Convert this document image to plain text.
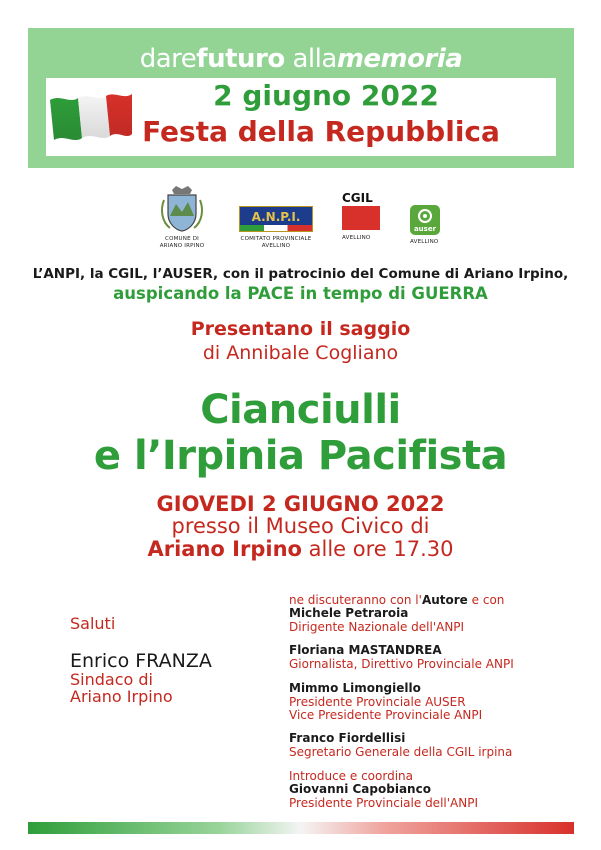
darefuturo allamemoria
2 giugno 2022
Festa della Repubblica
COMUNE DI
ARIANO IRPINO
A.N.P.I.
COMITATO PROVINCIALE
AVELLINO
CGIL
AVELLINO
auser
AVELLINO
L’ANPI, la CGIL, l’AUSER, con il patrocinio del Comune di Ariano Irpino,
auspicando la PACE in tempo di GUERRA
Presentano il saggio
di Annibale Cogliano
Cianciulli
e l’Irpinia Pacifista
GIOVEDI 2 GIUGNO 2022
presso il Museo Civico di
Ariano Irpino alle ore 17.30
Saluti
Enrico FRANZA
Sindaco di
Ariano Irpino
ne discuteranno con l'Autore e con
Michele Petraroia
Dirigente Nazionale dell'ANPI
Floriana MASTANDREA
Giornalista, Direttivo Provinciale ANPI
Mimmo Limongiello
Presidente Provinciale AUSER
Vice Presidente Provinciale ANPI
Franco Fiordellisi
Segretario Generale della CGIL irpina
Introduce e coordina
Giovanni Capobianco
Presidente Provinciale dell'ANPI
